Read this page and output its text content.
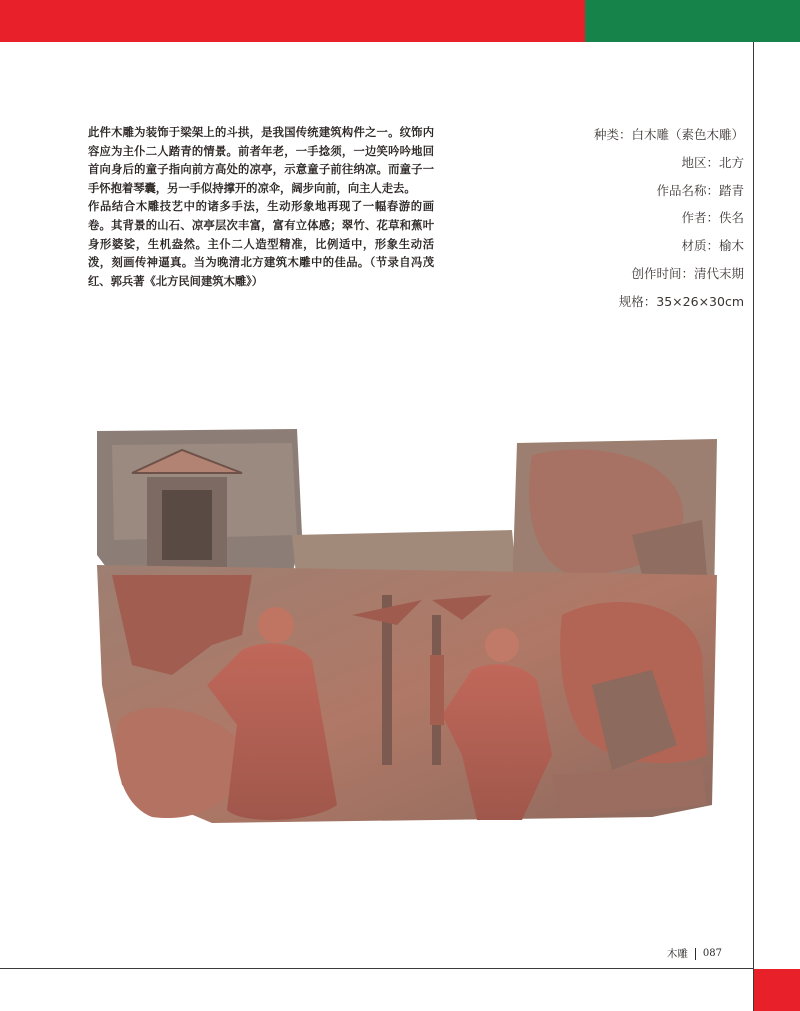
此件木雕为装饰于梁架上的斗拱，是我国传统建筑构件之一。纹饰内容应为主仆二人踏青的情景。前者年老，一手捻须，一边笑吟吟地回首向身后的童子指向前方高处的凉亭，示意童子前往纳凉。而童子一手怀抱着琴囊，另一手似持撑开的凉伞，阔步向前，向主人走去。

作品结合木雕技艺中的诸多手法，生动形象地再现了一幅春游的画卷。其背景的山石、凉亭层次丰富，富有立体感；翠竹、花草和蕉叶身形婆娑，生机盎然。主仆二人造型精准，比例适中，形象生动活泼，刻画传神逼真。当为晚清北方建筑木雕中的佳品。（节录自冯茂红、郭兵著《北方民间建筑木雕》）

种类：白木雕（素色木雕）
地区：北方
作品名称：踏青
作者：佚名
材质：榆木
创作时间：清代末期
规格：35×26×30cm
木雕 087
